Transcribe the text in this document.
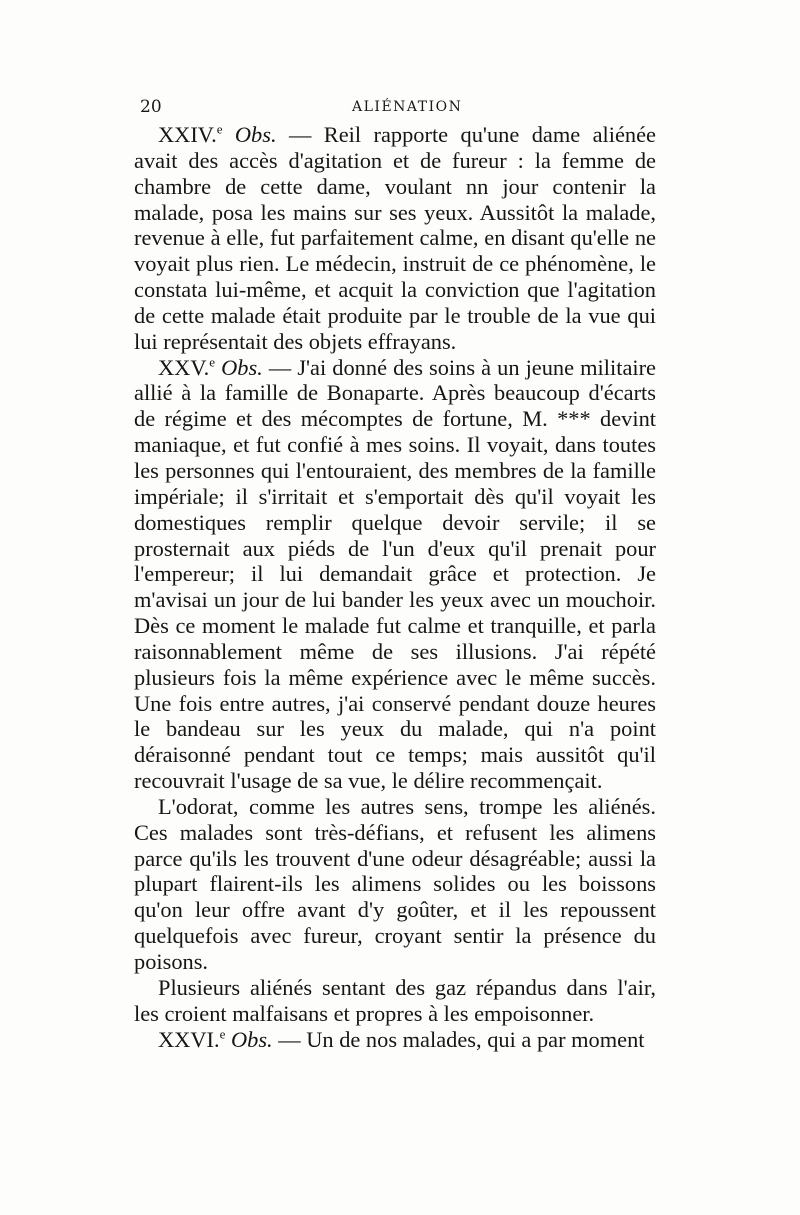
20	ALIÉNATION

XXIV.$^e$ Obs. — Reil rapporte qu'une dame aliénée avait des accès d'agitation et de fureur : la femme de chambre de cette dame, voulant nn jour contenir la malade, posa les mains sur ses yeux. Aussitôt la malade, revenue à elle, fut parfaitement calme, en disant qu'elle ne voyait plus rien. Le médecin, instruit de ce phénomène, le constata lui-même, et acquit la conviction que l'agitation de cette malade était produite par le trouble de la vue qui lui représentait des objets effrayans.

XXV.$^e$ Obs. — J'ai donné des soins à un jeune militaire allié à la famille de Bonaparte. Après beaucoup d'écarts de régime et des mécomptes de fortune, M. *** devint maniaque, et fut confié à mes soins. Il voyait, dans toutes les personnes qui l'entouraient, des membres de la famille impériale; il s'irritait et s'emportait dès qu'il voyait les domestiques remplir quelque devoir servile; il se prosternait aux piéds de l'un d'eux qu'il prenait pour l'empereur; il lui demandait grâce et protection. Je m'avisai un jour de lui bander les yeux avec un mouchoir. Dès ce moment le malade fut calme et tranquille, et parla raisonnablement même de ses illusions. J'ai répété plusieurs fois la même expérience avec le même succès. Une fois entre autres, j'ai conservé pendant douze heures le bandeau sur les yeux du malade, qui n'a point déraisonné pendant tout ce temps; mais aussitôt qu'il recouvrait l'usage de sa vue, le délire recommençait.

L'odorat, comme les autres sens, trompe les aliénés. Ces malades sont très-défians, et refusent les alimens parce qu'ils les trouvent d'une odeur désagréable; aussi la plupart flairent-ils les alimens solides ou les boissons qu'on leur offre avant d'y goûter, et il les repoussent quelquefois avec fureur, croyant sentir la présence du poisons.

Plusieurs aliénés sentant des gaz répandus dans l'air, les croient malfaisans et propres à les empoisonner.

XXVI.$^e$ Obs. — Un de nos malades, qui a par moment
